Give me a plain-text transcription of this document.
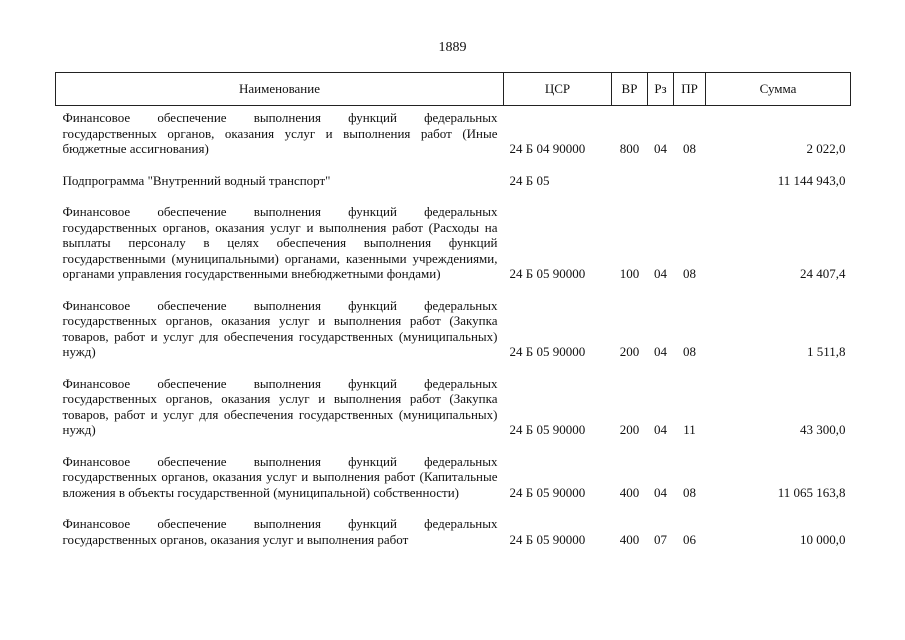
1889
Наименование	ЦСР	ВР	Рз	ПР	Сумма
Финансовое обеспечение выполнения функций федеральных государственных органов, оказания услуг и выполнения работ (Иные бюджетные ассигнования)	24 Б 04 90000	800	04	08	2 022,0
Подпрограмма "Внутренний водный транспорт"	24 Б 05				11 144 943,0
Финансовое обеспечение выполнения функций федеральных государственных органов, оказания услуг и выполнения работ (Расходы на выплаты персоналу в целях обеспечения выполнения функций государственными (муниципальными) органами, казенными учреждениями, органами управления государственными внебюджетными фондами)	24 Б 05 90000	100	04	08	24 407,4
Финансовое обеспечение выполнения функций федеральных государственных органов, оказания услуг и выполнения работ (Закупка товаров, работ и услуг для обеспечения государственных (муниципальных) нужд)	24 Б 05 90000	200	04	08	1 511,8
Финансовое обеспечение выполнения функций федеральных государственных органов, оказания услуг и выполнения работ (Закупка товаров, работ и услуг для обеспечения государственных (муниципальных) нужд)	24 Б 05 90000	200	04	11	43 300,0
Финансовое обеспечение выполнения функций федеральных государственных органов, оказания услуг и выполнения работ (Капитальные вложения в объекты государственной (муниципальной) собственности)	24 Б 05 90000	400	04	08	11 065 163,8
Финансовое обеспечение выполнения функций федеральных государственных органов, оказания услуг и выполнения работ	24 Б 05 90000	400	07	06	10 000,0
